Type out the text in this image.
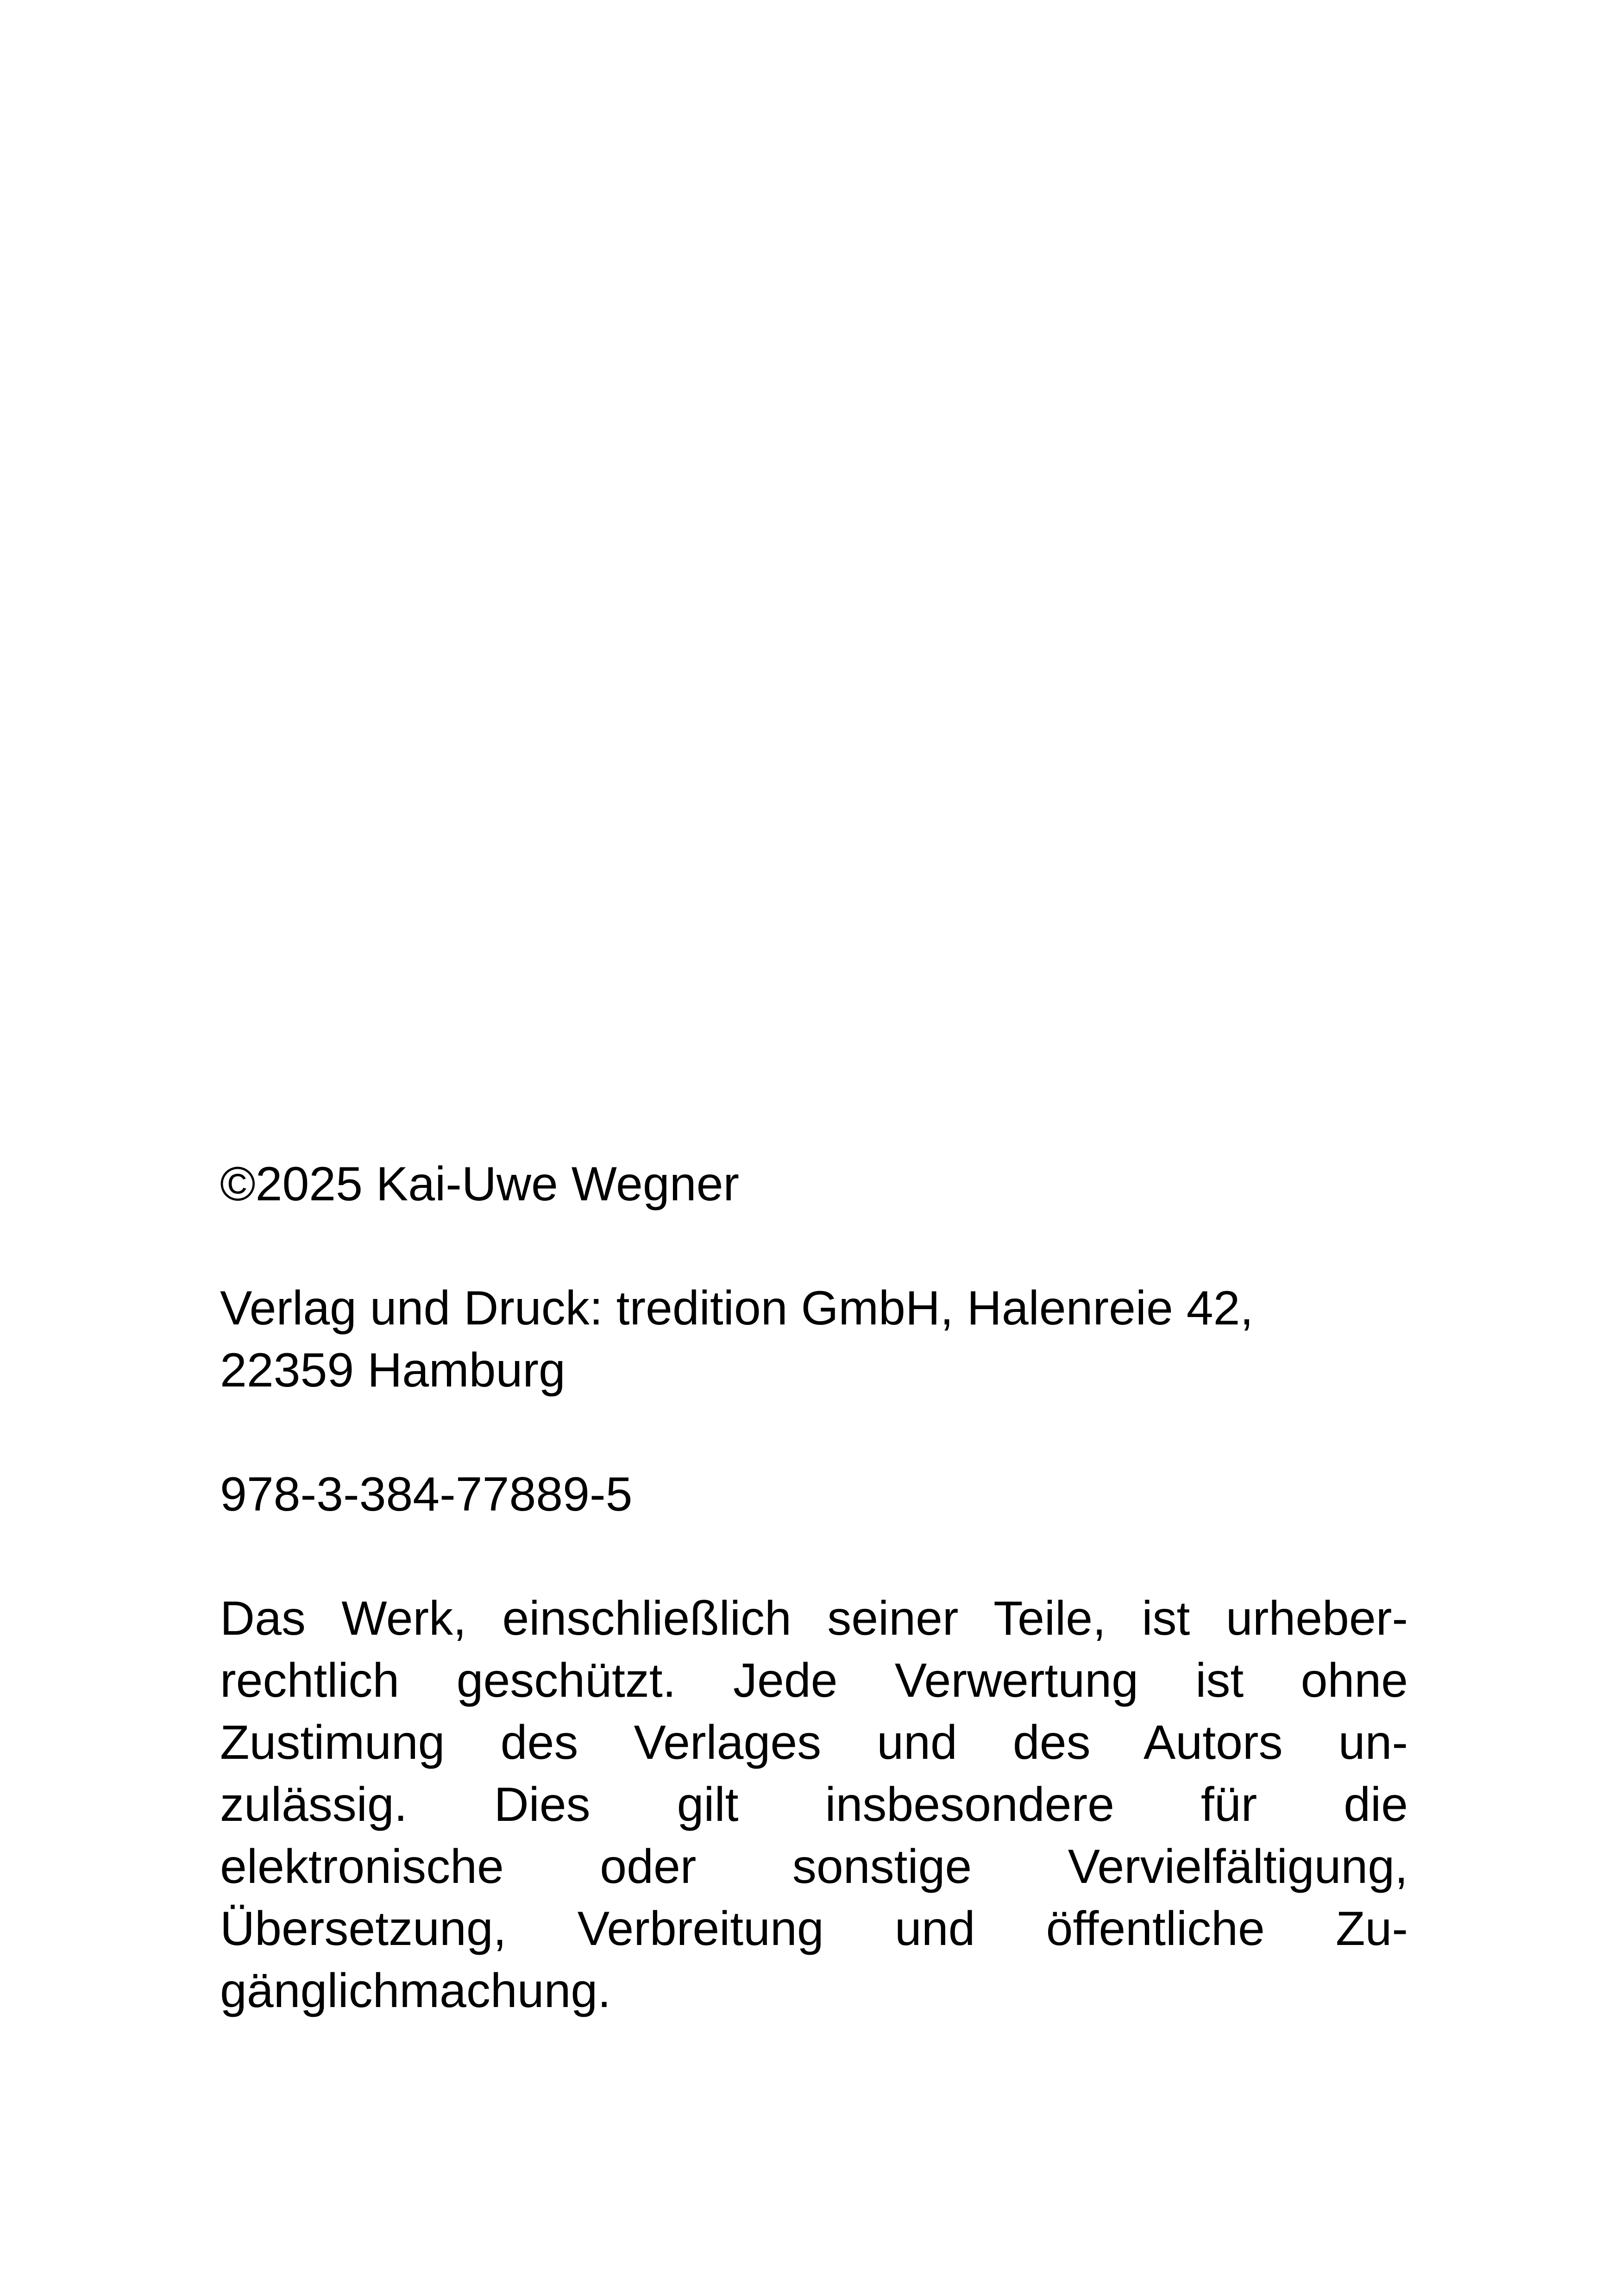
©2025 Kai-Uwe Wegner

Verlag und Druck: tredition GmbH, Halenreie 42,

22359 Hamburg

978-3-384-77889-5

Das Werk, einschließlich seiner Teile, ist urheber-
rechtlich geschützt. Jede Verwertung ist ohne
Zustimung des Verlages und des Autors un-
zulässig. Dies gilt insbesondere für die
elektronische oder sonstige Vervielfältigung,
Übersetzung, Verbreitung und öffentliche Zu-
gänglichmachung.
